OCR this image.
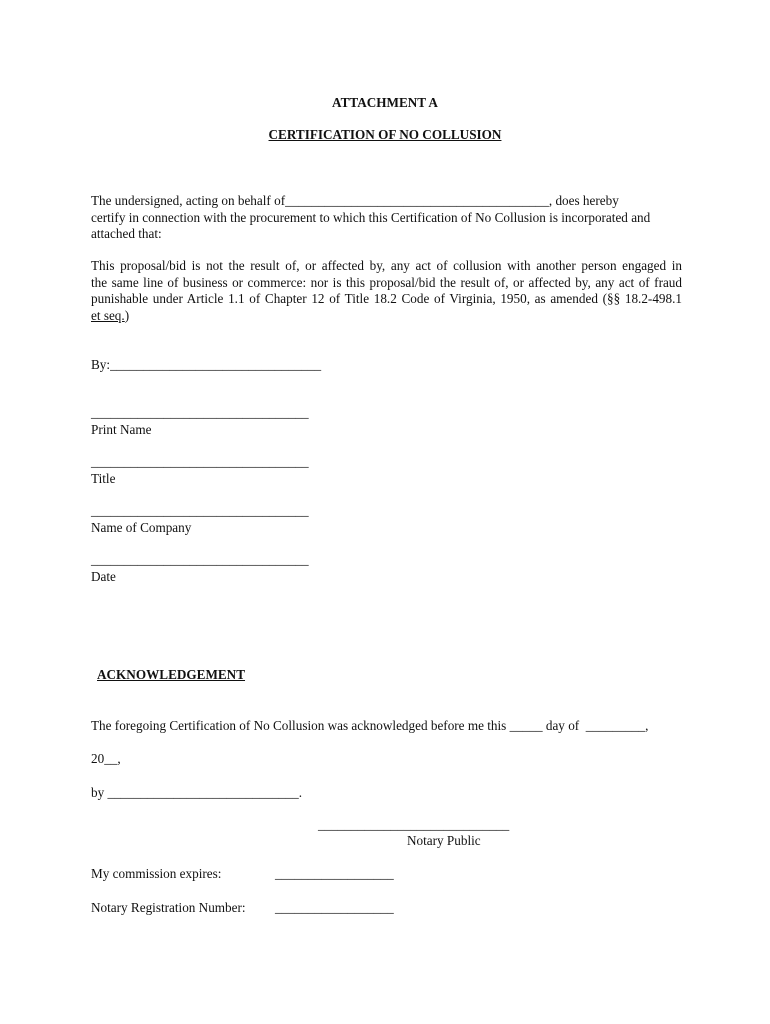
ATTACHMENT A
CERTIFICATION OF NO COLLUSION
The undersigned, acting on behalf of________________________________________, does hereby
certify in connection with the procurement to which this Certification of No Collusion is incorporated and
attached that:
This proposal/bid is not the result of, or affected by, any act of collusion with another person engaged in
the same line of business or commerce: nor is this proposal/bid the result of, or affected by, any act of fraud
punishable under Article 1.1 of Chapter 12 of Title 18.2 Code of Virginia, 1950, as amended (§§ 18.2-498.1
et seq.)
By:________________________________
_________________________________
Print Name
_________________________________
Title
_________________________________
Name of Company
_________________________________
Date
ACKNOWLEDGEMENT
The foregoing Certification of No Collusion was acknowledged before me this _____ day of _________,
20__,
by _____________________________.
_____________________________
Notary Public
My commission expires:	__________________
Notary Registration Number: __________________
